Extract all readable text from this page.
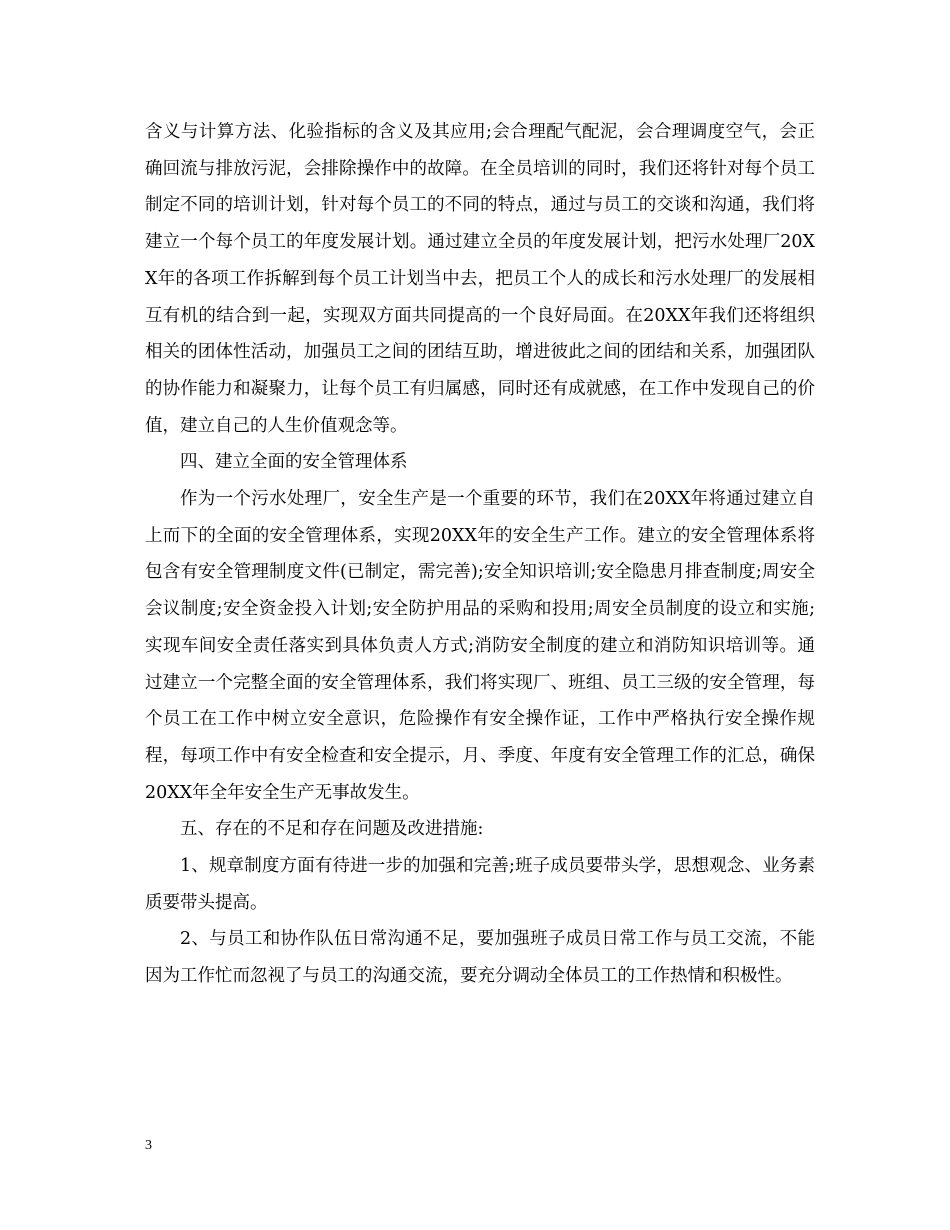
含义与计算方法、化验指标的含义及其应用;会合理配气配泥，会合理调度空气，会正确回流与排放污泥，会排除操作中的故障。在全员培训的同时，我们还将针对每个员工制定不同的培训计划，针对每个员工的不同的特点，通过与员工的交谈和沟通，我们将建立一个每个员工的年度发展计划。通过建立全员的年度发展计划，把污水处理厂20XX年的各项工作拆解到每个员工计划当中去，把员工个人的成长和污水处理厂的发展相互有机的结合到一起，实现双方面共同提高的一个良好局面。在20XX年我们还将组织相关的团体性活动，加强员工之间的团结互助，增进彼此之间的团结和关系，加强团队的协作能力和凝聚力，让每个员工有归属感，同时还有成就感，在工作中发现自己的价值，建立自己的人生价值观念等。

四、建立全面的安全管理体系

作为一个污水处理厂，安全生产是一个重要的环节，我们在20XX年将通过建立自上而下的全面的安全管理体系，实现20XX年的安全生产工作。建立的安全管理体系将包含有安全管理制度文件(已制定，需完善);安全知识培训;安全隐患月排查制度;周安全会议制度;安全资金投入计划;安全防护用品的采购和投用;周安全员制度的设立和实施;实现车间安全责任落实到具体负责人方式;消防安全制度的建立和消防知识培训等。通过建立一个完整全面的安全管理体系，我们将实现厂、班组、员工三级的安全管理，每个员工在工作中树立安全意识，危险操作有安全操作证，工作中严格执行安全操作规程，每项工作中有安全检查和安全提示，月、季度、年度有安全管理工作的汇总，确保20XX年全年安全生产无事故发生。

五、存在的不足和存在问题及改进措施:

1、规章制度方面有待进一步的加强和完善;班子成员要带头学，思想观念、业务素质要带头提高。

2、与员工和协作队伍日常沟通不足，要加强班子成员日常工作与员工交流，不能因为工作忙而忽视了与员工的沟通交流，要充分调动全体员工的工作热情和积极性。

3
